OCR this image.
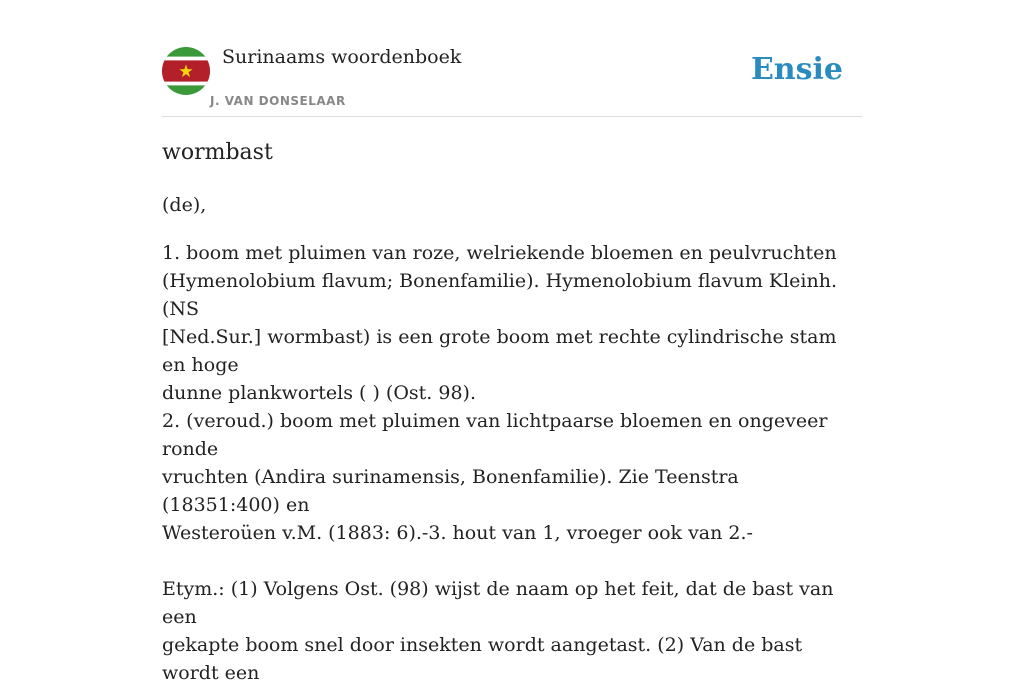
Surinaams woordenboek
J. VAN DONSELAAR
Ensie
wormbast
(de),

1. boom met pluimen van roze, welriekende bloemen en peulvruchten

(Hymenolobium flavum; Bonenfamilie). Hymenolobium flavum Kleinh. (NS

[Ned.Sur.] wormbast) is een grote boom met rechte cylindrische stam en hoge

dunne plankwortels ( ) (Ost. 98).

2. (veroud.) boom met pluimen van lichtpaarse bloemen en ongeveer ronde

vruchten (Andira surinamensis, Bonenfamilie). Zie Teenstra (18351:400) en

Westeroüen v.M. (1883: 6).-3. hout van 1, vroeger ook van 2.-

Etym.: (1) Volgens Ost. (98) wijst de naam op het feit, dat de bast van een

gekapte boom snel door insekten wordt aangetast. (2) Van de bast wordt een
